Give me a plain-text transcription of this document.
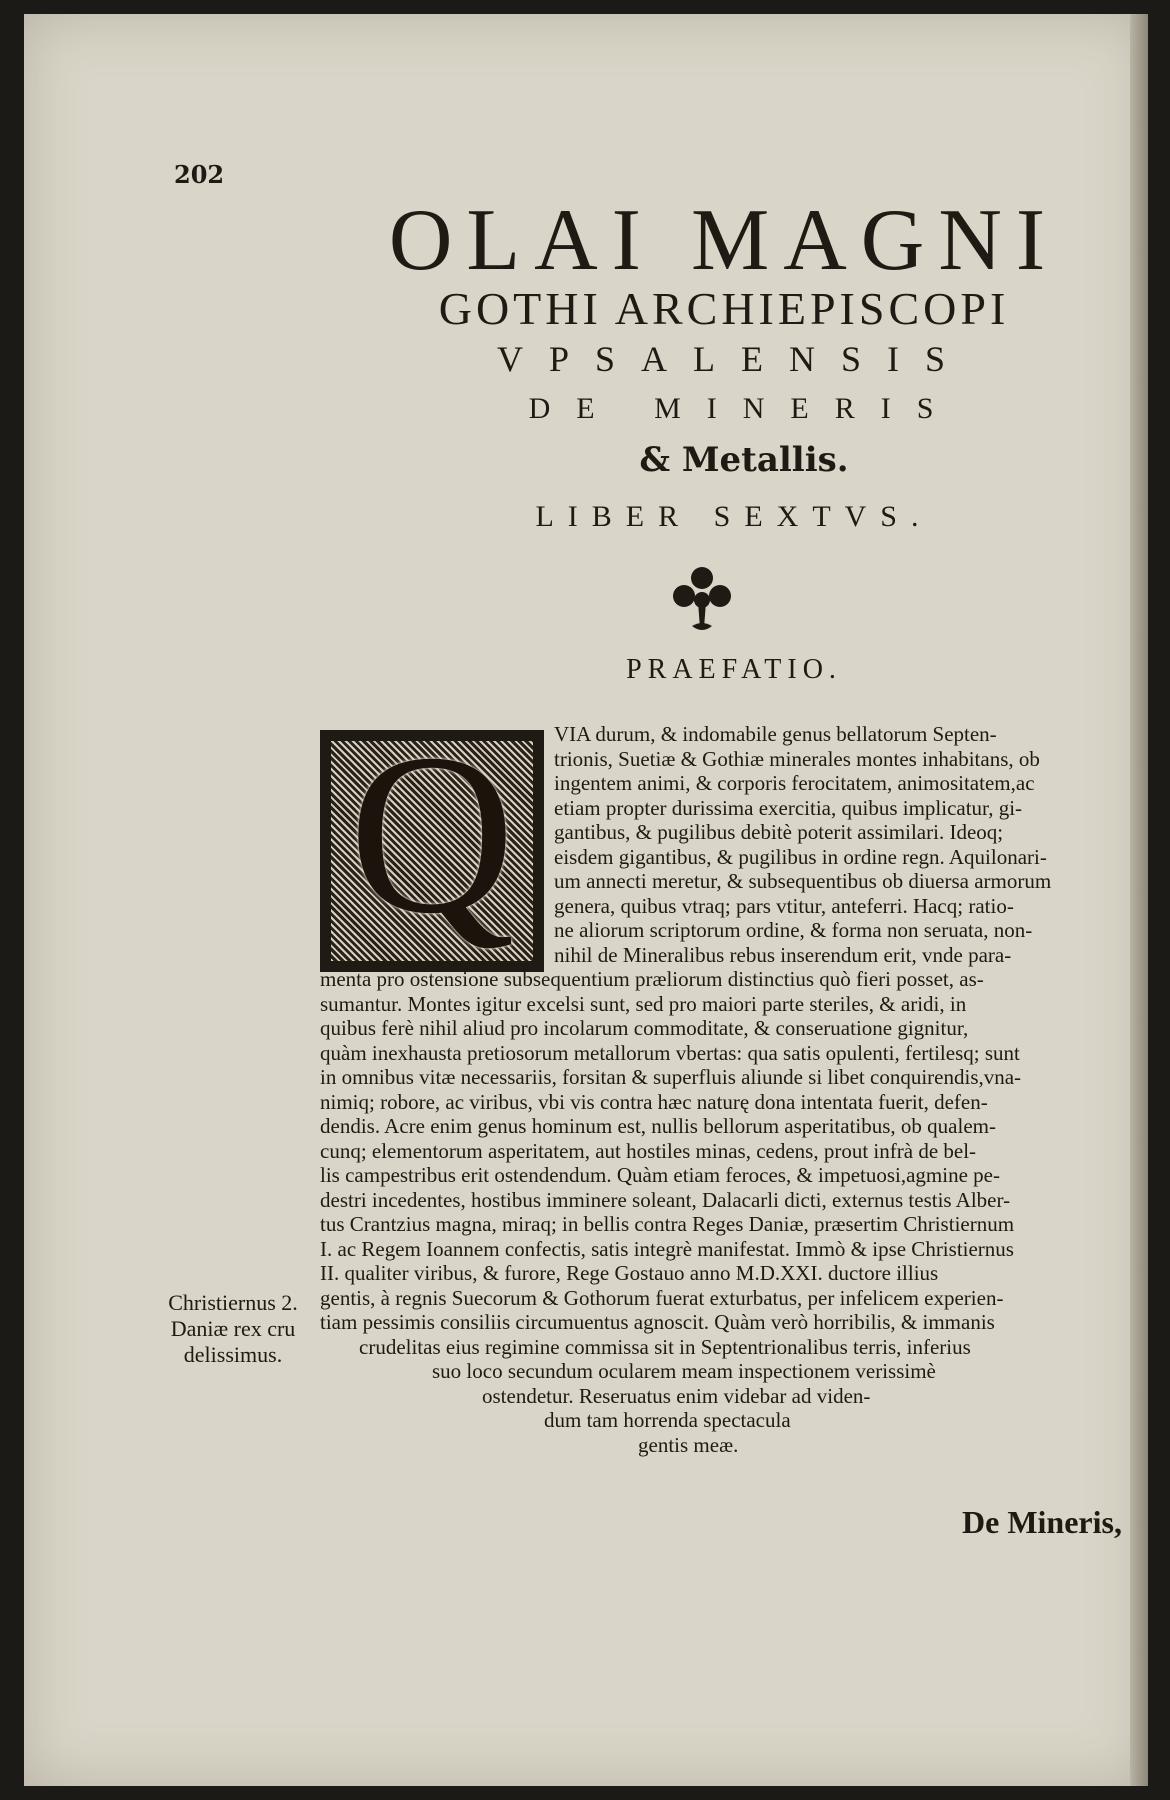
202
OLAI MAGNI
GOTHI ARCHIEPISCOPI
VPSALENSIS
DE MINERIS
& Metallis.
LIBER SEXTVS.
PRAEFATIO.
Q	VIA durum, & indomabile genus bellatorum Septen-
trionis, Suetiæ & Gothiæ minerales montes inhabitans, ob
ingentem animi, & corporis ferocitatem, animositatem,ac
etiam propter durissima exercitia, quibus implicatur, gi-
gantibus, & pugilibus debitè poterit assimilari. Ideoq;
eisdem gigantibus, & pugilibus in ordine regn. Aquilonari-
um annecti meretur, & subsequentibus ob diuersa armorum
genera, quibus vtraq; pars vtitur, anteferri. Hacq; ratio-
ne aliorum scriptorum ordine, & forma non seruata, non-
nihil de Mineralibus rebus inserendum erit, vnde para-
menta pro ostensione subsequentium præliorum distinctius quò fieri posset, as-
sumantur. Montes igitur excelsi sunt, sed pro maiori parte steriles, & aridi, in
quibus ferè nihil aliud pro incolarum commoditate, & conseruatione gignitur,
quàm inexhausta pretiosorum metallorum vbertas: qua satis opulenti, fertilesq; sunt
in omnibus vitæ necessariis, forsitan & superfluis aliunde si libet conquirendis,vna-
nimiq; robore, ac viribus, vbi vis contra hæc naturę dona intentata fuerit, defen-
dendis. Acre enim genus hominum est, nullis bellorum asperitatibus, ob qualem-
cunq; elementorum asperitatem, aut hostiles minas, cedens, prout infrà de bel-
lis campestribus erit ostendendum. Quàm etiam feroces, & impetuosi,agmine pe-
destri incedentes, hostibus imminere soleant, Dalacarli dicti, externus testis Alber-
tus Crantzius magna, miraq; in bellis contra Reges Daniæ, præsertim Christiernum
I. ac Regem Ioannem confectis, satis integrè manifestat. Immò & ipse Christiernus
II. qualiter viribus, & furore, Rege Gostauo anno M.D.XXI. ductore illius
gentis, à regnis Suecorum & Gothorum fuerat exturbatus, per infelicem experien-
tiam pessimis consiliis circumuentus agnoscit. Quàm verò horribilis, & immanis
crudelitas eius regimine commissa sit in Septentrionalibus terris, inferius
suo loco secundum ocularem meam inspectionem verissimè
ostendetur. Reseruatus enim videbar ad viden-
dum tam horrenda spectacula
gentis meæ.
Christiernus 2.
Daniæ rex cru
delissimus.
De Mineris,
